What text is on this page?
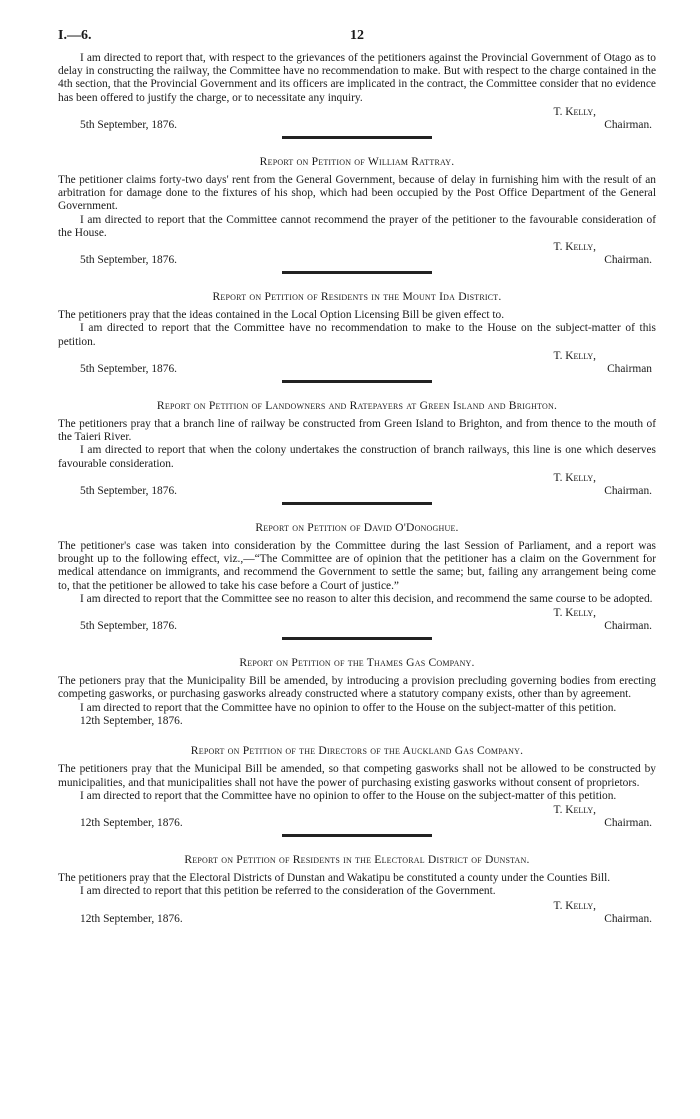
I.—6.	12

I am directed to report that, with respect to the grievances of the petitioners against the Provincial Government of Otago as to delay in constructing the railway, the Committee have no recommendation to make. But with respect to the charge contained in the 4th section, that the Provincial Government and its officers are implicated in the contract, the Committee consider that no evidence has been offered to justify the charge, or to necessitate any inquiry.

T. Kelly,
Chairman.
5th September, 1876.
Report on Petition of William Rattray.

The petitioner claims forty-two days' rent from the General Government, because of delay in furnishing him with the result of an arbitration for damage done to the fixtures of his shop, which had been occupied by the Post Office Department of the General Government.

I am directed to report that the Committee cannot recommend the prayer of the petitioner to the favourable consideration of the House.

T. Kelly,
Chairman.
5th September, 1876.
Report on Petition of Residents in the Mount Ida District.

The petitioners pray that the ideas contained in the Local Option Licensing Bill be given effect to.

I am directed to report that the Committee have no recommendation to make to the House on the subject-matter of this petition.

T. Kelly,
Chairman
5th September, 1876.
Report on Petition of Landowners and Ratepayers at Green Island and Brighton.

The petitioners pray that a branch line of railway be constructed from Green Island to Brighton, and from thence to the mouth of the Taieri River.

I am directed to report that when the colony undertakes the construction of branch railways, this line is one which deserves favourable consideration.

T. Kelly,
Chairman.
5th September, 1876.
Report on Petition of David O'Donoghue.

The petitioner's case was taken into consideration by the Committee during the last Session of Parliament, and a report was brought up to the following effect, viz.,—“The Committee are of opinion that the petitioner has a claim on the Government for medical attendance on immigrants, and recommend the Government to settle the same; but, failing any arrangement being come to, that the petitioner be allowed to take his case before a Court of justice.”

I am directed to report that the Committee see no reason to alter this decision, and recommend the same course to be adopted.

T. Kelly,
Chairman.
5th September, 1876.
Report on Petition of the Thames Gas Company.

The petioners pray that the Municipality Bill be amended, by introducing a provision precluding governing bodies from erecting competing gasworks, or purchasing gasworks already constructed where a statutory company exists, other than by agreement.

I am directed to report that the Committee have no opinion to offer to the House on the subject-matter of this petition.

12th September, 1876.
Report on Petition of the Directors of the Auckland Gas Company.

The petitioners pray that the Municipal Bill be amended, so that competing gasworks shall not be allowed to be constructed by municipalities, and that municipalities shall not have the power of purchasing existing gasworks without consent of proprietors.

I am directed to report that the Committee have no opinion to offer to the House on the subject-matter of this petition.

T. Kelly,
Chairman.
12th September, 1876.
Report on Petition of Residents in the Electoral District of Dunstan.

The petitioners pray that the Electoral Districts of Dunstan and Wakatipu be constituted a county under the Counties Bill.

I am directed to report that this petition be referred to the consideration of the Government.

T. Kelly,
Chairman.
12th September, 1876.
